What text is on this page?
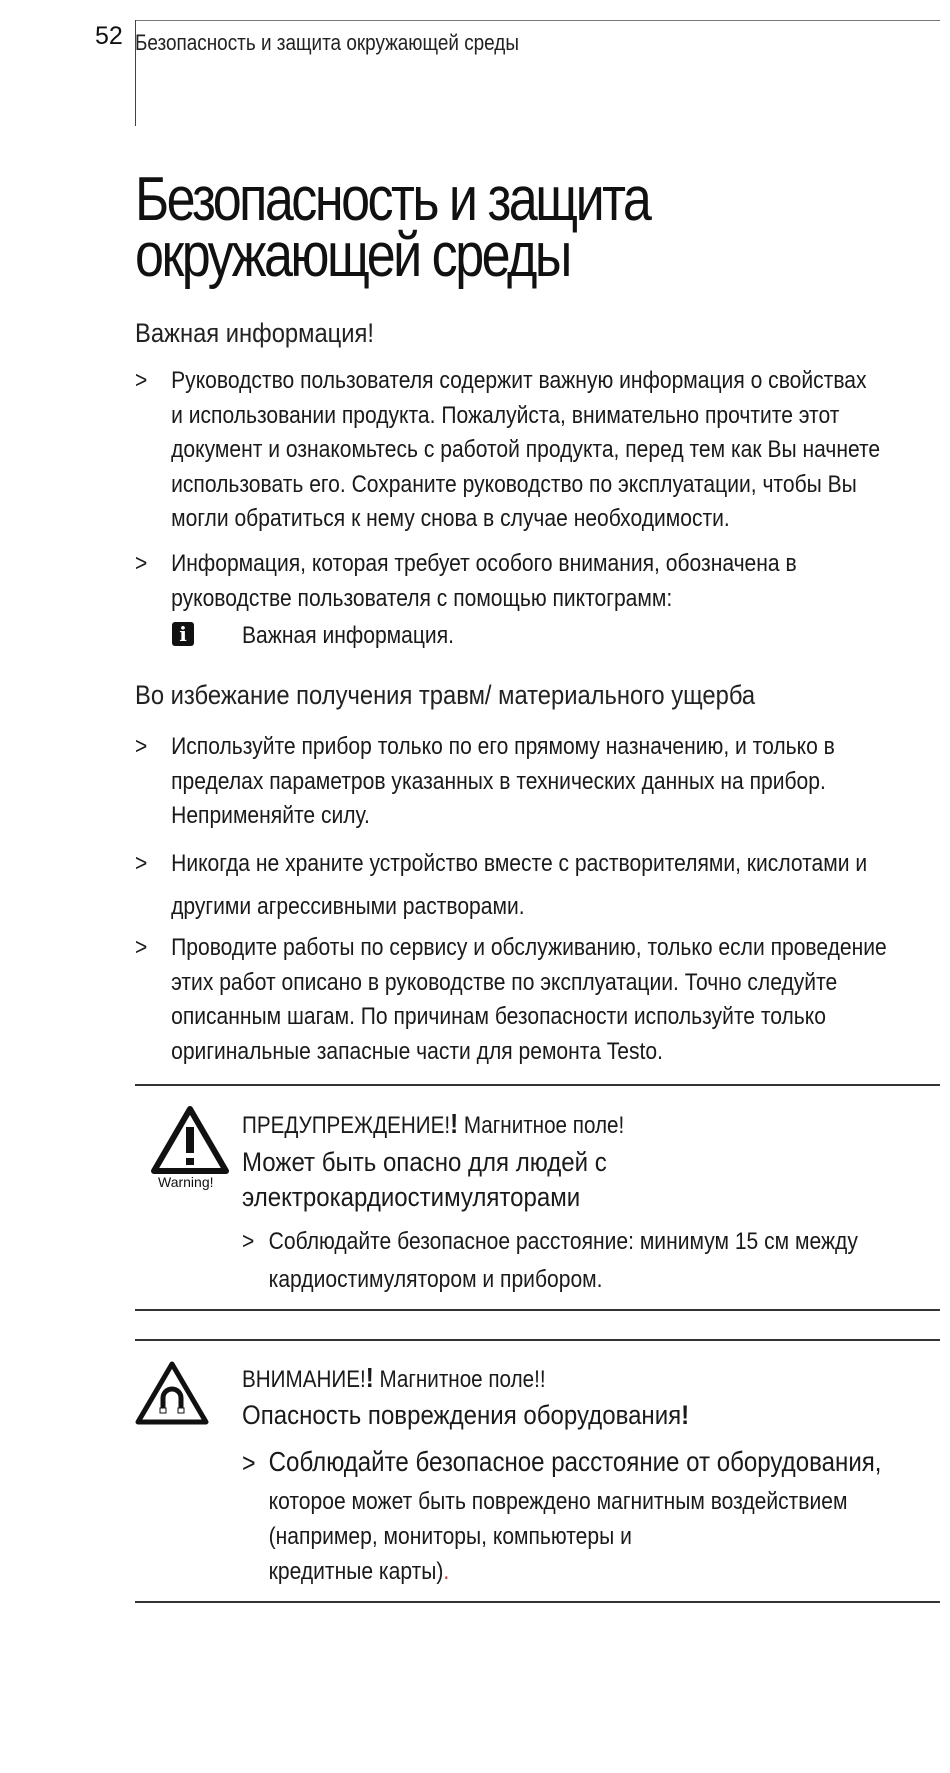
52 Безопасность и защита окружающей среды
Безопасность и защита
окружающей среды
Важная информация!
> Руководство пользователя содержит важную информация о свойствах
и использовании продукта. Пожалуйста, внимательно прочтите этот
документ и ознакомьтесь с работой продукта, перед тем как Вы начнете
использовать его. Сохраните руководство по эксплуатации, чтобы Вы
могли обратиться к нему снова в случае необходимости.
> Информация, которая требует особого внимания, обозначена в
руководстве пользователя с помощью пиктограмм:
i Важная информация.
Во избежание получения травм/ материального ущерба
> Используйте прибор только по его прямому назначению, и только в
пределах параметров указанных в технических данных на прибор.
Неприменяйте силу.
> Никогда не храните устройство вместе с растворителями, кислотами и
другими агрессивными растворами.
> Проводите работы по сервису и обслуживанию, только если проведение
этих работ описано в руководстве по эксплуатации. Точно следуйте
описанным шагам. По причинам безопасности используйте только
оригинальные запасные части для ремонта Testo.
Warning!
ПРЕДУПРЕЖДЕНИЕ!! Магнитное поле!
Может быть опасно для людей с
электрокардиостимуляторами
> Соблюдайте безопасное расстояние: минимум 15 см между
кардиостимулятором и прибором.
ВНИМАНИЕ!! Магнитное поле!!
Опасность повреждения оборудования!
> Соблюдайте безопасное расстояние от оборудования,
которое может быть повреждено магнитным воздействием
(например, мониторы, компьютеры и
кредитные карты).
